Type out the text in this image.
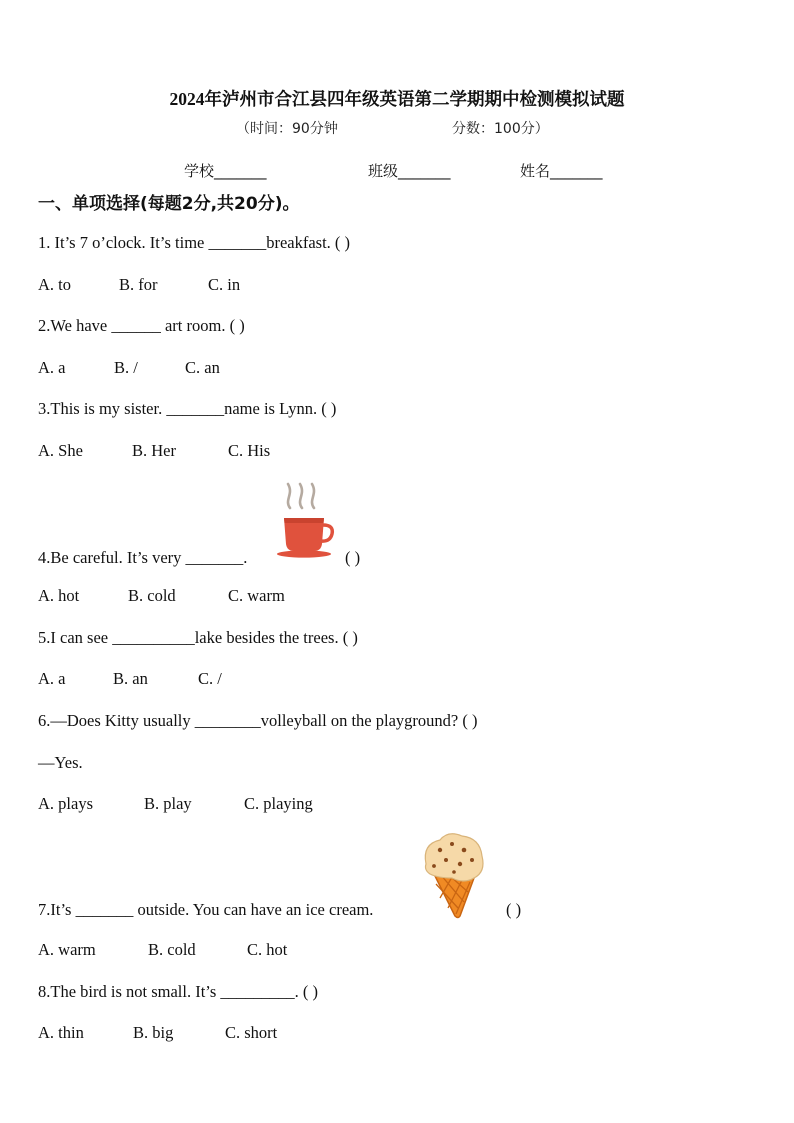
2024年泸州市合江县四年级英语第二学期期中检测模拟试题
（时间：90分钟	分数：100分）
学校_______	班级_______	姓名_______
一、单项选择(每题2分,共20分)。
1. It’s 7 o’clock. It’s time _______breakfast. ( )
A. to	B. for	C. in
2.We have ______ art room. ( )
A. a	B. /	C. an
3.This is my sister. _______name is Lynn. ( )
A. She	B. Her	C. His
4.Be careful. It’s very _______.	( )
A. hot	B. cold	C. warm
5.I can see __________lake besides the trees. ( )
A. a	B. an	C. /
6.—Does Kitty usually ________volleyball on the playground? ( )
—Yes.
A. plays	B. play	C. playing
7.It’s _______ outside. You can have an ice cream.	( )
A. warm	B. cold	C. hot
8.The bird is not small. It’s _________. ( )
A. thin	B. big	C. short
